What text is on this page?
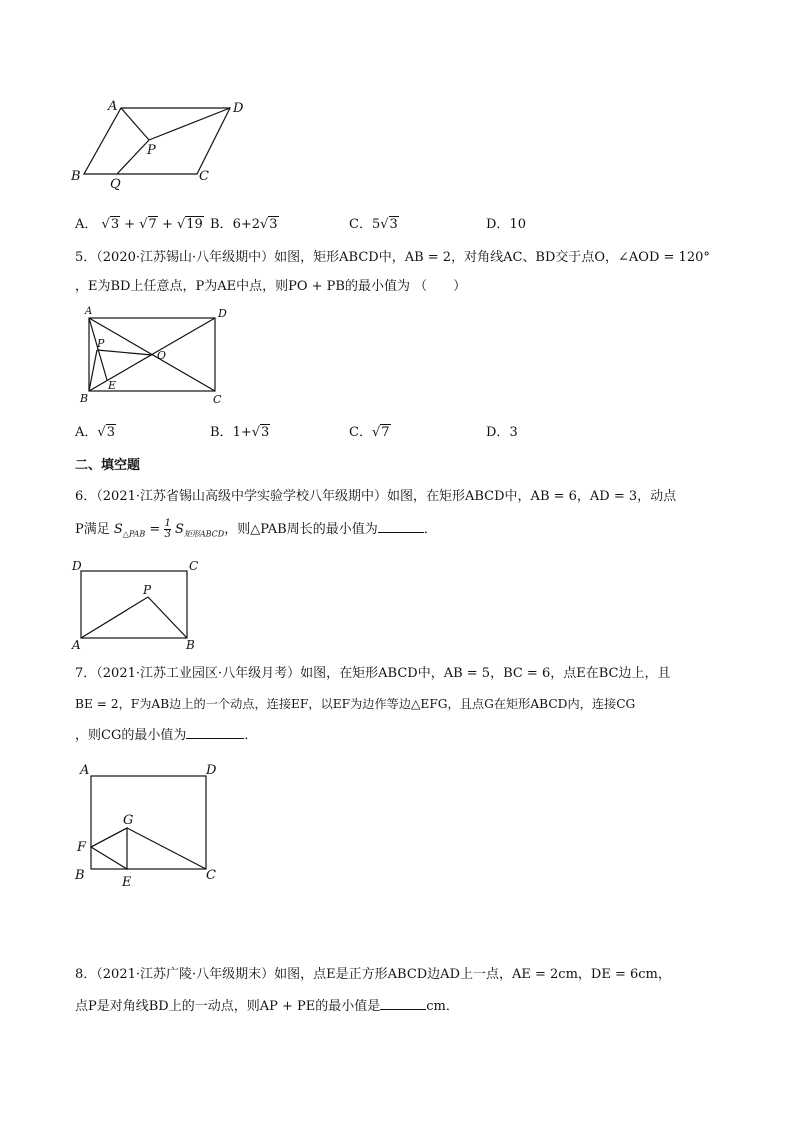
A	D
P
B
Q
C
A． √3 + √7 + √19 B．6+2√3	C．5√3	D．10
5．（2020·江苏锡山·八年级期中）如图，矩形ABCD中，AB = 2，对角线AC、BD交于点O，∠AOD = 120°
，E为BD上任意点，P为AE中点，则PO + PB的最小值为 （　　）
A	D
P
O
E
B	C
A．√3	B．1+√3	C．√7	D．3
二、填空题
6．（2021·江苏省锡山高级中学实验学校八年级期中）如图，在矩形ABCD中，AB = 6，AD = 3，动点
P满足 $S_{\triangle PAB} = \frac{1}{3} S_{矩形ABCD}$，则△PAB周长的最小值为	．
D	C
P
A	B
7．（2021·江苏工业园区·八年级月考）如图，在矩形ABCD中，AB = 5，BC = 6，点E在BC边上，且
BE = 2，F为AB边上的一个动点，连接EF，以EF为边作等边△EFG，且点G在矩形ABCD内，连接CG
，则CG的最小值为	．
A	D
G
F
B	E	C
8．（2021·江苏广陵·八年级期末）如图，点E是正方形ABCD边AD上一点，AE = 2cm，DE = 6cm，
点P是对角线BD上的一动点，则AP + PE的最小值是	cm．
